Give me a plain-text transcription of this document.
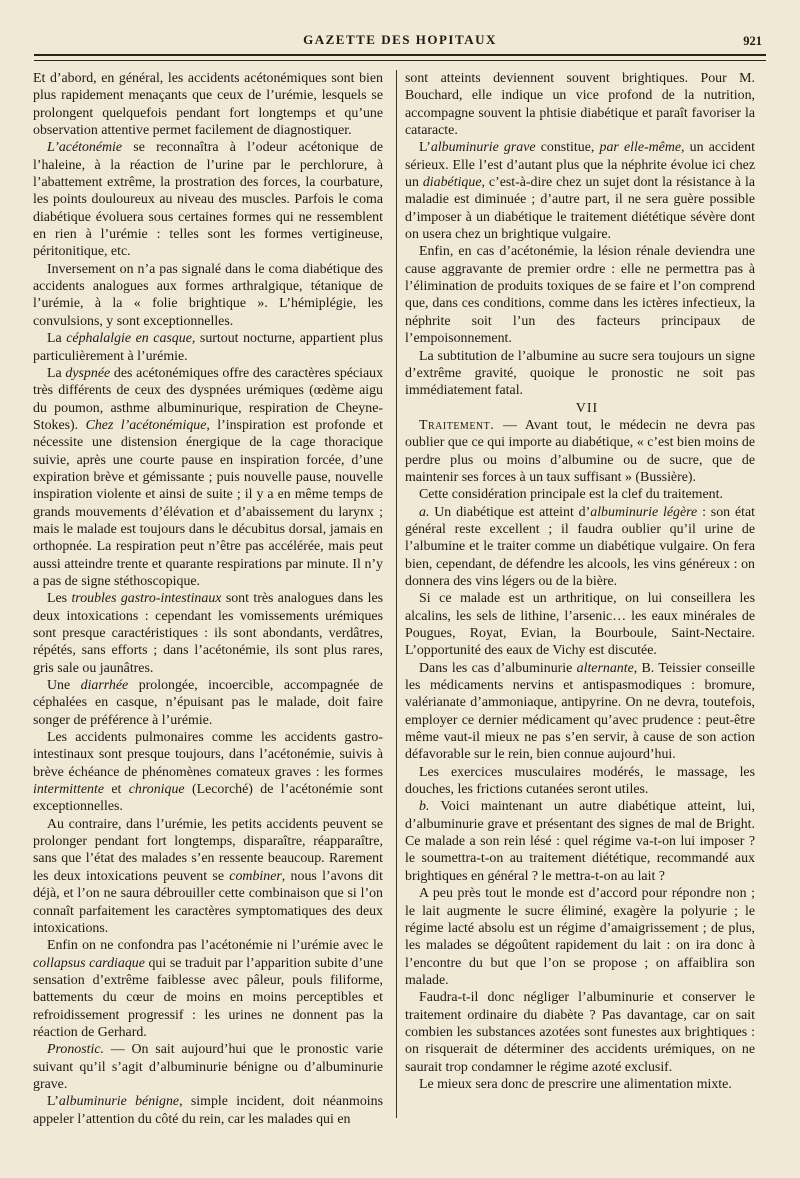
GAZETTE DES HOPITAUX	921

Et d’abord, en général, les accidents acétonémiques sont bien plus rapidement menaçants que ceux de l’urémie, lesquels se prolongent quelquefois pendant fort longtemps et qu’une observation attentive permet facilement de diagnostiquer.

L’acétonémie se reconnaîtra à l’odeur acétonique de l’haleine, à la réaction de l’urine par le perchlorure, à l’abattement extrême, la prostration des forces, la courbature, les points douloureux au niveau des muscles. Parfois le coma diabétique évoluera sous certaines formes qui ne ressemblent en rien à l’urémie : telles sont les formes vertigineuse, péritonitique, etc.

Inversement on n’a pas signalé dans le coma diabétique des accidents analogues aux formes arthralgique, tétanique de l’urémie, à la « folie brightique ». L’hémiplégie, les convulsions, y sont exceptionnelles.

La céphalalgie en casque, surtout nocturne, appartient plus particulièrement à l’urémie.

La dyspnée des acétonémiques offre des caractères spéciaux très différents de ceux des dyspnées urémiques (œdème aigu du poumon, asthme albuminurique, respiration de Cheyne-Stokes). Chez l’acétonémique, l’inspiration est profonde et nécessite une distension énergique de la cage thoracique suivie, après une courte pause en inspiration forcée, d’une expiration brève et gémissante ; puis nouvelle pause, nouvelle inspiration violente et ainsi de suite ; il y a en même temps de grands mouvements d’élévation et d’abaissement du larynx ; mais le malade est toujours dans le décubitus dorsal, jamais en orthopnée. La respiration peut n’être pas accélérée, mais peut aussi atteindre trente et quarante respirations par minute. Il n’y a pas de signe stéthoscopique.

Les troubles gastro-intestinaux sont très analogues dans les deux intoxications : cependant les vomissements urémiques sont presque caractéristiques : ils sont abondants, verdâtres, répétés, sans efforts ; dans l’acétonémie, ils sont plus rares, gris sale ou jaunâtres.

Une diarrhée prolongée, incoercible, accompagnée de céphalées en casque, n’épuisant pas le malade, doit faire songer de préférence à l’urémie.

Les accidents pulmonaires comme les accidents gastro-intestinaux sont presque toujours, dans l’acétonémie, suivis à brève échéance de phénomènes comateux graves : les formes intermittente et chronique (Lecorché) de l’acétonémie sont exceptionnelles.

Au contraire, dans l’urémie, les petits accidents peuvent se prolonger pendant fort longtemps, disparaître, réapparaître, sans que l’état des malades s’en ressente beaucoup. Rarement les deux intoxications peuvent se combiner, nous l’avons dit déjà, et l’on ne saura débrouiller cette combinaison que si l’on connaît parfaitement les caractères symptomatiques des deux intoxications.

Enfin on ne confondra pas l’acétonémie ni l’urémie avec le collapsus cardiaque qui se traduit par l’apparition subite d’une sensation d’extrême faiblesse avec pâleur, pouls filiforme, battements du cœur de moins en moins perceptibles et refroidissement progressif : les urines ne donnent pas la réaction de Gerhard.

Pronostic. — On sait aujourd’hui que le pronostic varie suivant qu’il s’agit d’albuminurie bénigne ou d’albuminurie grave.

L’albuminurie bénigne, simple incident, doit néanmoins appeler l’attention du côté du rein, car les malades qui en

sont atteints deviennent souvent brightiques. Pour M. Bouchard, elle indique un vice profond de la nutrition, accompagne souvent la phtisie diabétique et paraît favoriser la cataracte.

L’albuminurie grave constitue, par elle-même, un accident sérieux. Elle l’est d’autant plus que la néphrite évolue ici chez un diabétique, c’est-à-dire chez un sujet dont la résistance à la maladie est diminuée ; d’autre part, il ne sera guère possible d’imposer à un diabétique le traitement diététique sévère dont on usera chez un brightique vulgaire.

Enfin, en cas d’acétonémie, la lésion rénale deviendra une cause aggravante de premier ordre : elle ne permettra pas à l’élimination de produits toxiques de se faire et l’on comprend que, dans ces conditions, comme dans les ictères infectieux, la néphrite soit l’un des facteurs principaux de l’empoisonnement.

La subtitution de l’albumine au sucre sera toujours un signe d’extrême gravité, quoique le pronostic ne soit pas immédiatement fatal.

VII

Traitement. — Avant tout, le médecin ne devra pas oublier que ce qui importe au diabétique, « c’est bien moins de perdre plus ou moins d’albumine ou de sucre, que de maintenir ses forces à un taux suffisant » (Bussière).

Cette considération principale est la clef du traitement.

a. Un diabétique est atteint d’albuminurie légère : son état général reste excellent ; il faudra oublier qu’il urine de l’albumine et le traiter comme un diabétique vulgaire. On fera bien, cependant, de défendre les alcools, les vins généreux : on donnera des vins légers ou de la bière.

Si ce malade est un arthritique, on lui conseillera les alcalins, les sels de lithine, l’arsenic… les eaux minérales de Pougues, Royat, Evian, la Bourboule, Saint-Nectaire. L’opportunité des eaux de Vichy est discutée.

Dans les cas d’albuminurie alternante, B. Teissier conseille les médicaments nervins et antispasmodiques : bromure, valérianate d’ammoniaque, antipyrine. On ne devra, toutefois, employer ce dernier médicament qu’avec prudence : peut-être même vaut-il mieux ne pas s’en servir, à cause de son action défavorable sur le rein, bien connue aujourd’hui.

Les exercices musculaires modérés, le massage, les douches, les frictions cutanées seront utiles.

b. Voici maintenant un autre diabétique atteint, lui, d’albuminurie grave et présentant des signes de mal de Bright. Ce malade a son rein lésé : quel régime va-t-on lui imposer ? le soumettra-t-on au traitement diététique, recommandé aux brightiques en général ? le mettra-t-on au lait ?

A peu près tout le monde est d’accord pour répondre non ; le lait augmente le sucre éliminé, exagère la polyurie ; le régime lacté absolu est un régime d’amaigrissement ; de plus, les malades se dégoûtent rapidement du lait : on ira donc à l’encontre du but que l’on se propose ; on affaiblira son malade.

Faudra-t-il donc négliger l’albuminurie et conserver le traitement ordinaire du diabète ? Pas davantage, car on sait combien les substances azotées sont funestes aux brightiques : on risquerait de déterminer des accidents urémiques, on ne saurait trop condamner le régime azoté exclusif.

Le mieux sera donc de prescrire une alimentation mixte.
